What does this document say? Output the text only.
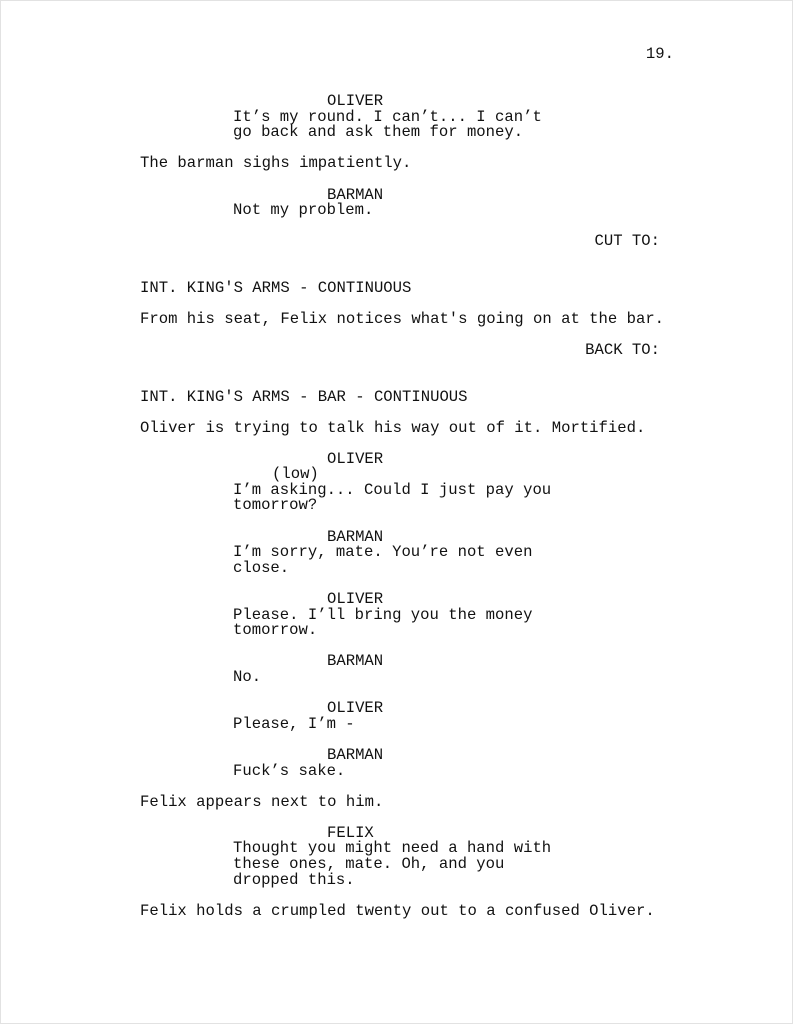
19.

OLIVER

It’s my round. I can’t... I can’t

go back and ask them for money.

The barman sighs impatiently.

BARMAN

Not my problem.

CUT TO:

INT. KING'S ARMS - CONTINUOUS

From his seat, Felix notices what's going on at the bar.

BACK TO:

INT. KING'S ARMS - BAR - CONTINUOUS

Oliver is trying to talk his way out of it. Mortified.

OLIVER

(low)

I’m asking... Could I just pay you

tomorrow?

BARMAN

I’m sorry, mate. You’re not even

close.

OLIVER

Please. I’ll bring you the money

tomorrow.

BARMAN

No.

OLIVER

Please, I’m -

BARMAN

Fuck’s sake.

Felix appears next to him.

FELIX

Thought you might need a hand with

these ones, mate. Oh, and you

dropped this.

Felix holds a crumpled twenty out to a confused Oliver.
